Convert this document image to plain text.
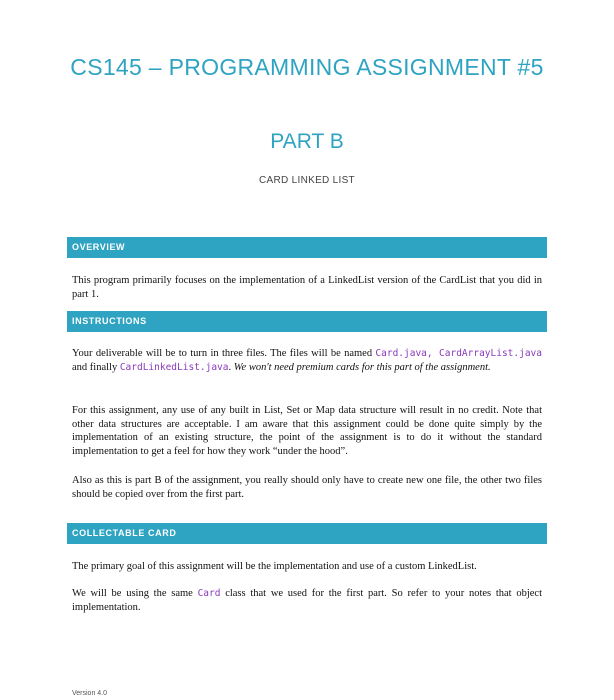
CS145 – PROGRAMMING ASSIGNMENT #5
PART B
CARD LINKED LIST
OVERVIEW
This program primarily focuses on the implementation of a LinkedList version of the CardList that you did in part 1.
INSTRUCTIONS
Your deliverable will be to turn in three files. The files will be named Card.java, CardArrayList.java and finally CardLinkedList.java. We won't need premium cards for this part of the assignment.
For this assignment, any use of any built in List, Set or Map data structure will result in no credit. Note that other data structures are acceptable. I am aware that this assignment could be done quite simply by the implementation of an existing structure, the point of the assignment is to do it without the standard implementation to get a feel for how they work “under the hood”.
Also as this is part B of the assignment, you really should only have to create new one file, the other two files should be copied over from the first part.
COLLECTABLE CARD
The primary goal of this assignment will be the implementation and use of a custom LinkedList.
We will be using the same Card class that we used for the first part. So refer to your notes that object implementation.
Version 4.0
